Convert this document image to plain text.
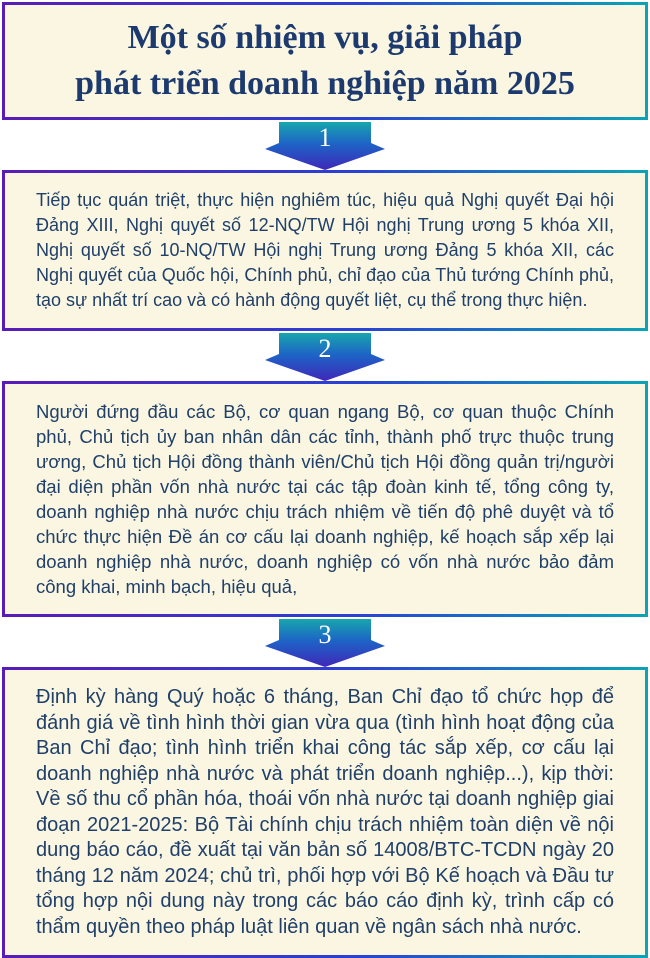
Một số nhiệm vụ, giải pháp
phát triển doanh nghiệp năm 2025
1

Tiếp tục quán triệt, thực hiện nghiêm túc, hiệu quả Nghị quyết Đại hội Đảng XIII, Nghị quyết số 12-NQ/TW Hội nghị Trung ương 5 khóa XII, Nghị quyết số 10-NQ/TW Hội nghị Trung ương Đảng 5 khóa XII, các Nghị quyết của Quốc hội, Chính phủ, chỉ đạo của Thủ tướng Chính phủ, tạo sự nhất trí cao và có hành động quyết liệt, cụ thể trong thực hiện.

2

Người đứng đầu các Bộ, cơ quan ngang Bộ, cơ quan thuộc Chính phủ, Chủ tịch ủy ban nhân dân các tỉnh, thành phố trực thuộc trung ương, Chủ tịch Hội đồng thành viên/Chủ tịch Hội đồng quản trị/người đại diện phần vốn nhà nước tại các tập đoàn kinh tế, tổng công ty, doanh nghiệp nhà nước chịu trách nhiệm về tiến độ phê duyệt và tổ chức thực hiện Đề án cơ cấu lại doanh nghiệp, kế hoạch sắp xếp lại doanh nghiệp nhà nước, doanh nghiệp có vốn nhà nước bảo đảm công khai, minh bạch, hiệu quả,

3

Định kỳ hàng Quý hoặc 6 tháng, Ban Chỉ đạo tổ chức họp để đánh giá về tình hình thời gian vừa qua (tình hình hoạt động của Ban Chỉ đạo; tình hình triển khai công tác sắp xếp, cơ cấu lại doanh nghiệp nhà nước và phát triển doanh nghiệp...), kịp thời: Về số thu cổ phần hóa, thoái vốn nhà nước tại doanh nghiệp giai đoạn 2021-2025: Bộ Tài chính chịu trách nhiệm toàn diện về nội dung báo cáo, đề xuất tại văn bản số 14008/BTC-TCDN ngày 20 tháng 12 năm 2024; chủ trì, phối hợp với Bộ Kế hoạch và Đầu tư tổng hợp nội dung này trong các báo cáo định kỳ, trình cấp có thẩm quyền theo pháp luật liên quan về ngân sách nhà nước.
